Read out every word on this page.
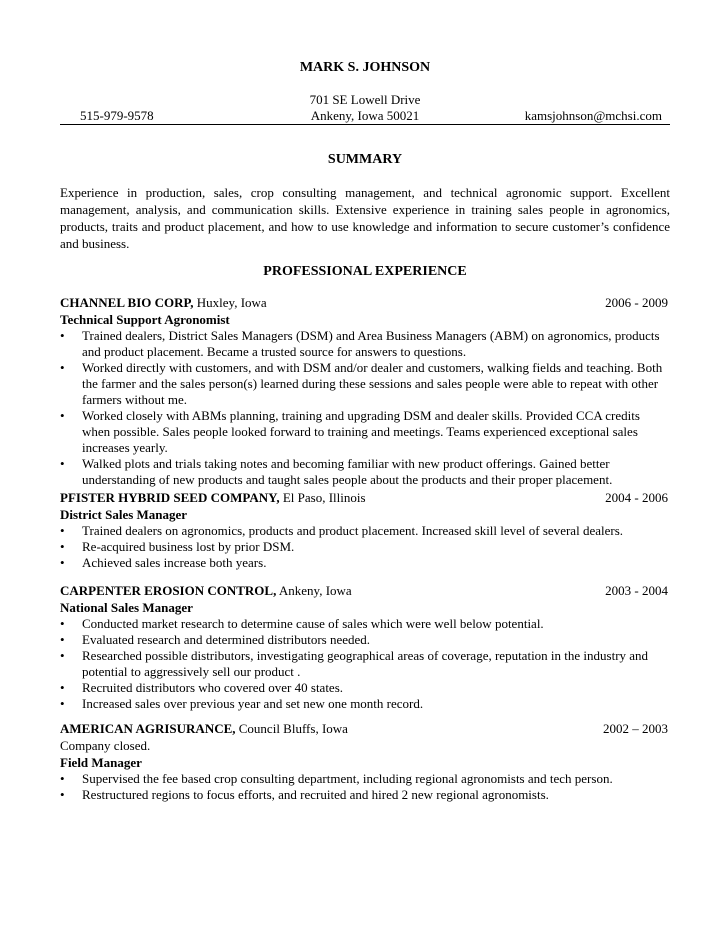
MARK S. JOHNSON
701 SE Lowell Drive
Ankeny, Iowa 50021
515-979-9578	kamsjohnson@mchsi.com
SUMMARY
Experience in production, sales, crop consulting management, and technical agronomic support. Excellent management, analysis, and communication skills. Extensive experience in training sales people in agronomics, products, traits and product placement, and how to use knowledge and information to secure customer’s confidence and business.
PROFESSIONAL EXPERIENCE
CHANNEL BIO CORP, Huxley, Iowa	2006 - 2009
Technical Support Agronomist
• Trained dealers, District Sales Managers (DSM) and Area Business Managers (ABM) on agronomics, products and product placement. Became a trusted source for answers to questions.
• Worked directly with customers, and with DSM and/or dealer and customers, walking fields and teaching. Both the farmer and the sales person(s) learned during these sessions and sales people were able to repeat with other farmers without me.
• Worked closely with ABMs planning, training and upgrading DSM and dealer skills. Provided CCA credits when possible. Sales people looked forward to training and meetings. Teams experienced exceptional sales increases yearly.
• Walked plots and trials taking notes and becoming familiar with new product offerings. Gained better understanding of new products and taught sales people about the products and their proper placement.
PFISTER HYBRID SEED COMPANY, El Paso, Illinois	2004 - 2006
District Sales Manager
• Trained dealers on agronomics, products and product placement. Increased skill level of several dealers.
• Re-acquired business lost by prior DSM.
• Achieved sales increase both years.
CARPENTER EROSION CONTROL, Ankeny, Iowa	2003 - 2004
National Sales Manager
• Conducted market research to determine cause of sales which were well below potential.
• Evaluated research and determined distributors needed.
• Researched possible distributors, investigating geographical areas of coverage, reputation in the industry and potential to aggressively sell our product .
• Recruited distributors who covered over 40 states.
• Increased sales over previous year and set new one month record.
AMERICAN AGRISURANCE, Council Bluffs, Iowa	2002 – 2003
Company closed.
Field Manager
• Supervised the fee based crop consulting department, including regional agronomists and tech person.
• Restructured regions to focus efforts, and recruited and hired 2 new regional agronomists.
